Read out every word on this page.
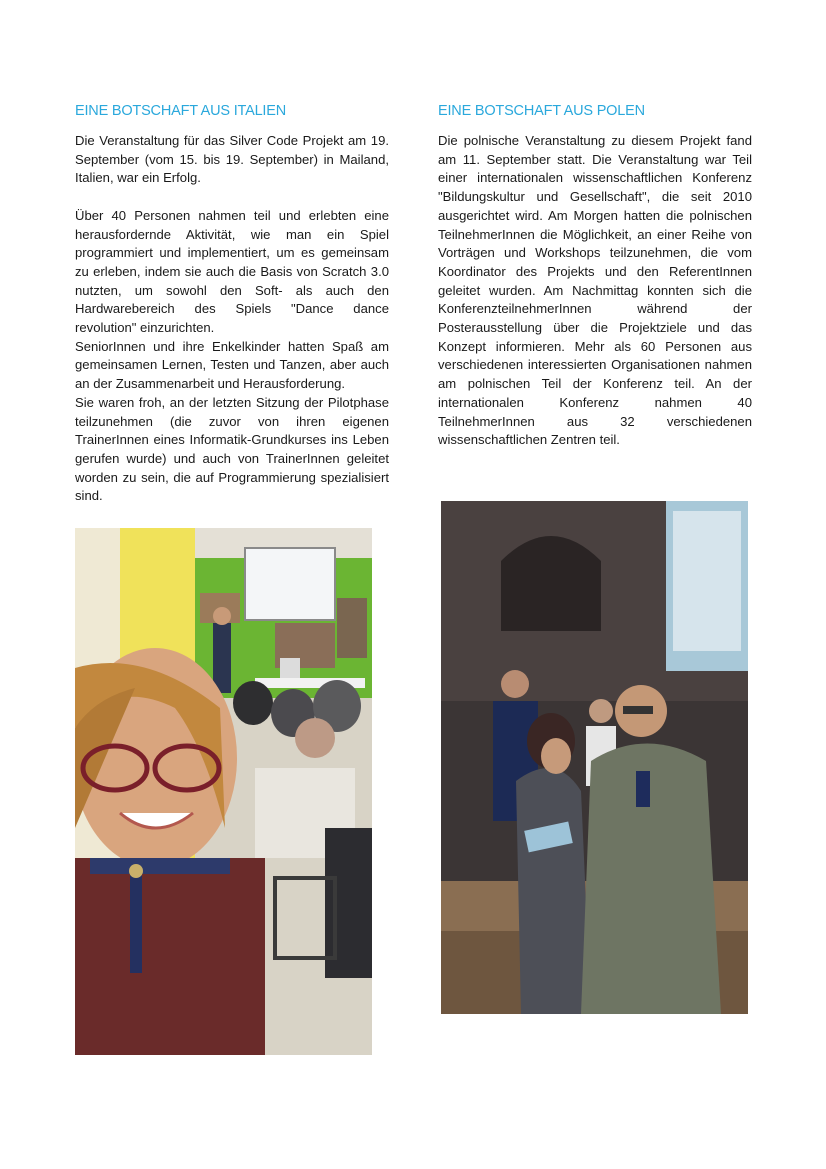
EINE BOTSCHAFT AUS ITALIEN

Die Veranstaltung für das Silver Code Projekt am 19. September (vom 15. bis 19. September) in Mailand, Italien, war ein Erfolg.

Über 40 Personen nahmen teil und erlebten eine herausfordernde Aktivität, wie man ein Spiel programmiert und implementiert, um es gemeinsam zu erleben, indem sie auch die Basis von Scratch 3.0 nutzten, um sowohl den Soft- als auch den Hardwarebereich des Spiels "Dance dance revolution" einzurichten.

SeniorInnen und ihre Enkelkinder hatten Spaß am gemeinsamen Lernen, Testen und Tanzen, aber auch an der Zusammenarbeit und Herausforderung.

Sie waren froh, an der letzten Sitzung der Pilotphase teilzunehmen (die zuvor von ihren eigenen TrainerInnen eines Informatik-Grundkurses ins Leben gerufen wurde) und auch von TrainerInnen geleitet worden zu sein, die auf Programmierung spezialisiert sind.

EINE BOTSCHAFT AUS POLEN

Die polnische Veranstaltung zu diesem Projekt fand am 11. September statt. Die Veranstaltung war Teil einer internationalen wissenschaftlichen Konferenz "Bildungskultur und Gesellschaft", die seit 2010 ausgerichtet wird. Am Morgen hatten die polnischen TeilnehmerInnen die Möglichkeit, an einer Reihe von Vorträgen und Workshops teilzunehmen, die vom Koordinator des Projekts und den ReferentInnen geleitet wurden. Am Nachmittag konnten sich die KonferenzteilnehmerInnen während der Posterausstellung über die Projektziele und das Konzept informieren. Mehr als 60 Personen aus verschiedenen interessierten Organisationen nahmen am polnischen Teil der Konferenz teil. An der internationalen Konferenz nahmen 40 TeilnehmerInnen aus 32 verschiedenen wissenschaftlichen Zentren teil.
